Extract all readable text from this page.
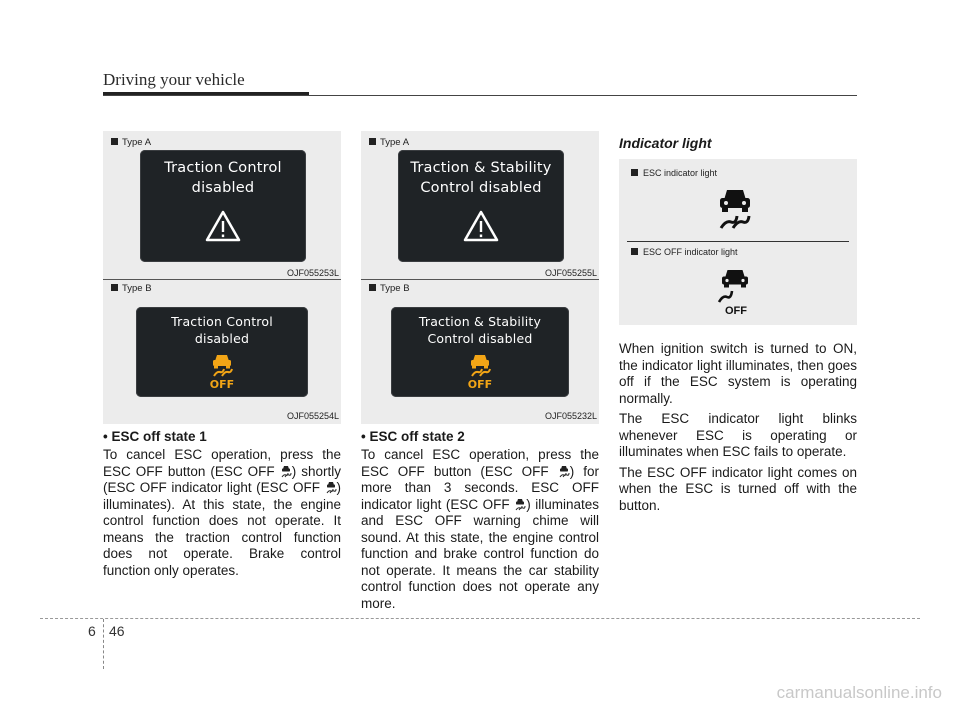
Driving your vehicle
Type A
Traction Control
disabled
OJF055253L
Type B
Traction Control
disabled
OFF
OJF055254L
Type A
Traction & Stability
Control disabled
OJF055255L
Type B
Traction & Stability
Control disabled
OFF
OJF055232L
• ESC off state 1

To cancel ESC operation, press the ESC OFF button (ESC OFF ) shortly (ESC OFF indicator light (ESC OFF ) illuminates). At this state, the engine control function does not operate. It means the traction control function does not operate. Brake control function only operates.

• ESC off state 2

To cancel ESC operation, press the ESC OFF button (ESC OFF ) for more than 3 seconds. ESC OFF indicator light (ESC OFF ) illuminates and ESC OFF warning chime will sound. At this state, the engine control function and brake control function do not operate. It means the car stability control function does not operate any more.

Indicator light
ESC indicator light
ESC OFF indicator light
OFF

When ignition switch is turned to ON, the indicator light illuminates, then goes off if the ESC system is operating normally.

The ESC indicator light blinks whenever ESC is operating or illuminates when ESC fails to operate.

The ESC OFF indicator light comes on when the ESC is turned off with the button.

6 46
carmanualsonline.info
